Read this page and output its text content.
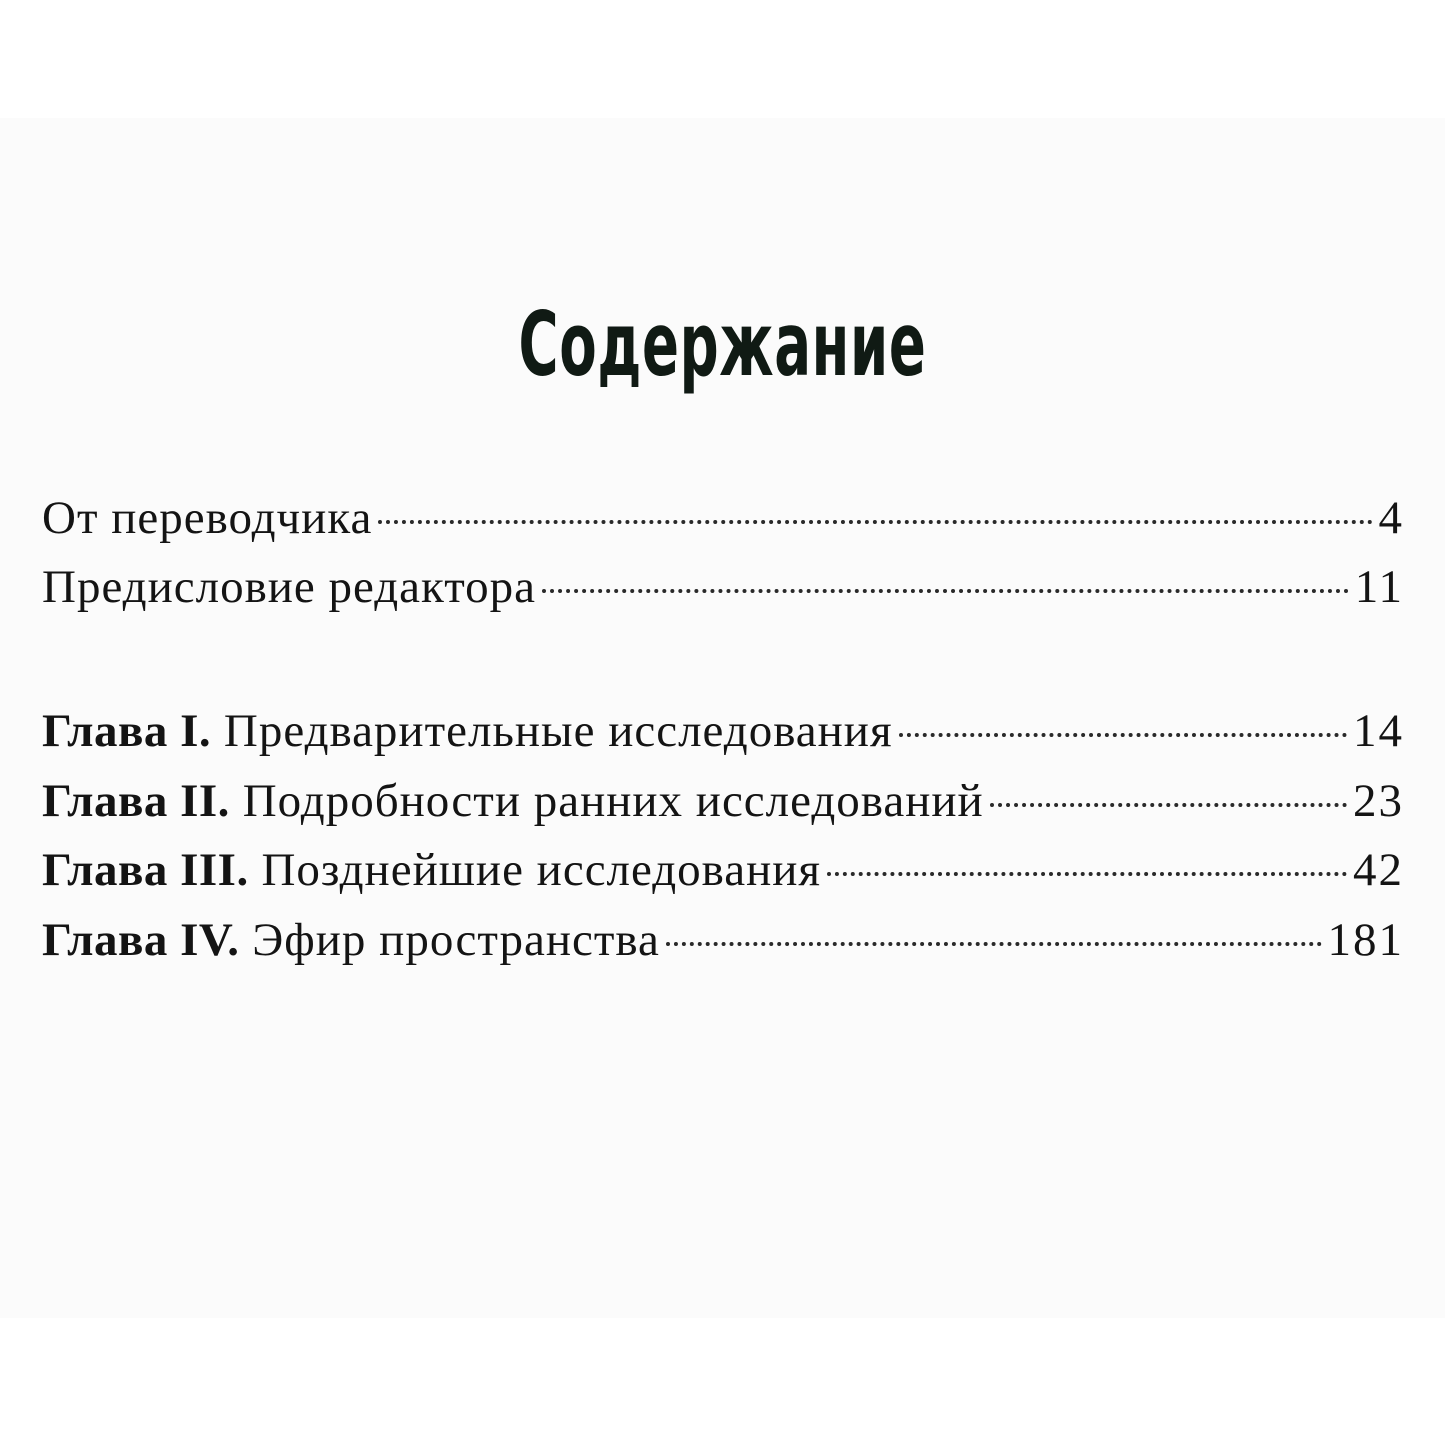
Содержание
От переводчика	4
Предисловие редактора	11
Глава I. Предварительные исследования	14
Глава II. Подробности ранних исследований	23
Глава III. Позднейшие исследования	42
Глава IV. Эфир пространства	181
